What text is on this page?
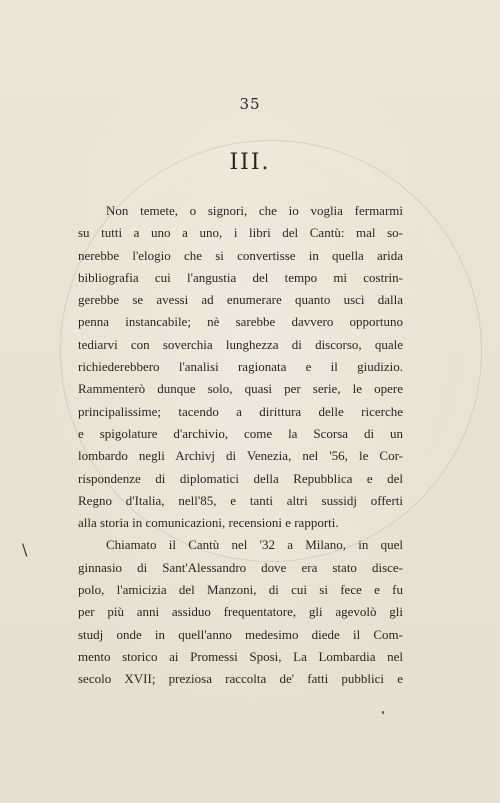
35
III.
Non temete, o signori, che io voglia fermarmi
su tutti a uno a uno, i libri del Cantù: mal so-
nerebbe l'elogio che si convertisse in quella arida
bibliografia cui l'angustia del tempo mi costrin-
gerebbe se avessi ad enumerare quanto uscì dalla
penna instancabile; nè sarebbe davvero opportuno
tediarvi con soverchia lunghezza di discorso, quale
richiederebbero l'analisi ragionata e il giudizio.
Rammenterò dunque solo, quasi per serie, le opere
principalissime; tacendo a dirittura delle ricerche
e spigolature d'archivio, come la Scorsa di un
lombardo negli Archivj di Venezia, nel '56, le Cor-
rispondenze di diplomatici della Repubblica e del
Regno d'Italia, nell'85, e tanti altri sussidj offerti
alla storia in comunicazioni, recensioni e rapporti.
Chiamato il Cantù nel '32 a Milano, in quel
ginnasio di Sant'Alessandro dove era stato disce-
polo, l'amicizia del Manzoni, di cui si fece e fu
per più anni assiduo frequentatore, gli agevolò gli
studj onde in quell'anno medesimo diede il Com-
mento storico ai Promessi Sposi, La Lombardia nel
secolo XVII; preziosa raccolta de' fatti pubblici e
\
